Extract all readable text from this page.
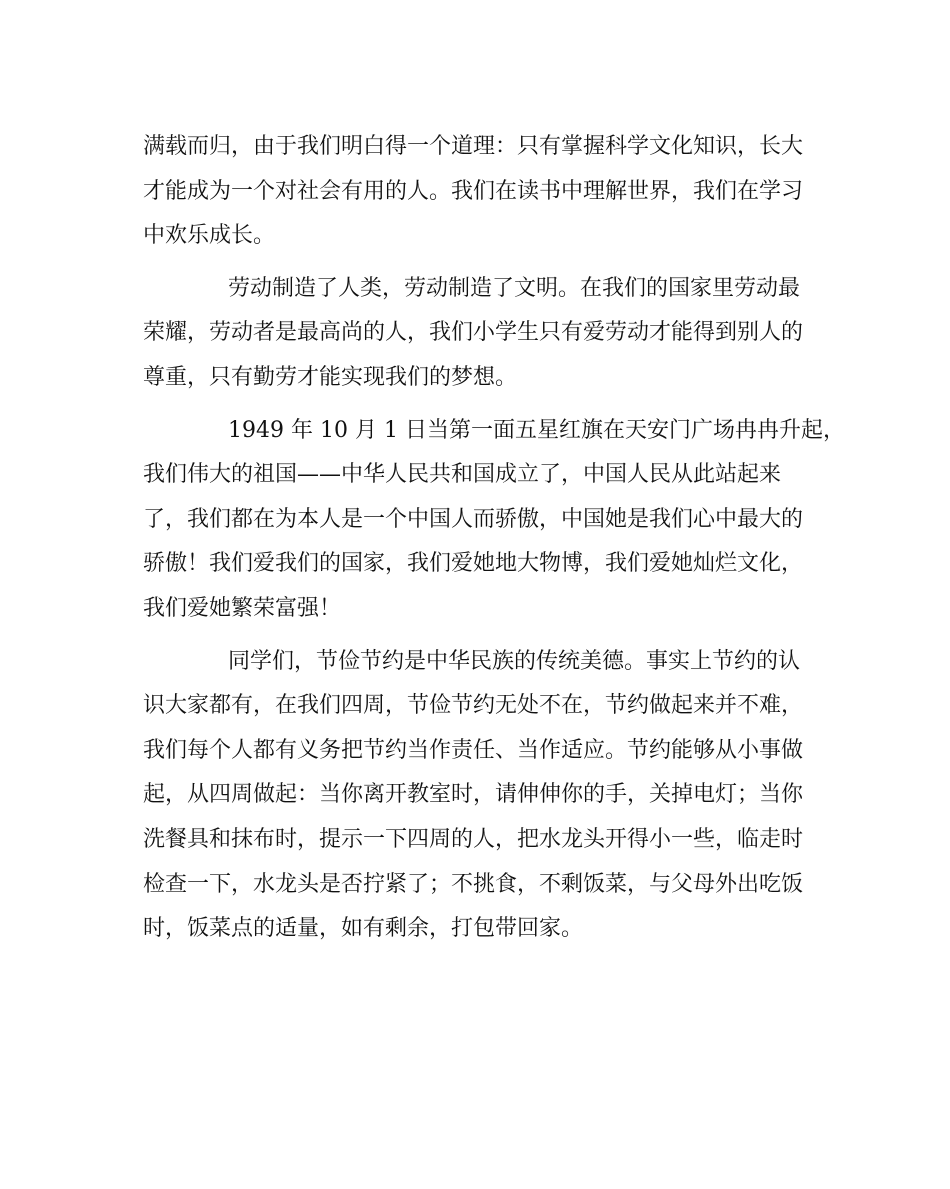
满载而归，由于我们明白得一个道理：只有掌握科学文化知识，长大
才能成为一个对社会有用的人。我们在读书中理解世界，我们在学习
中欢乐成长。
劳动制造了人类，劳动制造了文明。在我们的国家里劳动最
荣耀，劳动者是最高尚的人，我们小学生只有爱劳动才能得到别人的
尊重，只有勤劳才能实现我们的梦想。
1949 年 10 月 1 日当第一面五星红旗在天安门广场冉冉升起，
我们伟大的祖国——中华人民共和国成立了，中国人民从此站起来
了，我们都在为本人是一个中国人而骄傲，中国她是我们心中最大的
骄傲！我们爱我们的国家，我们爱她地大物博，我们爱她灿烂文化，
我们爱她繁荣富强！
同学们，节俭节约是中华民族的传统美德。事实上节约的认
识大家都有，在我们四周，节俭节约无处不在，节约做起来并不难，
我们每个人都有义务把节约当作责任、当作适应。节约能够从小事做
起，从四周做起：当你离开教室时，请伸伸你的手，关掉电灯；当你
洗餐具和抹布时，提示一下四周的人，把水龙头开得小一些，临走时
检查一下，水龙头是否拧紧了；不挑食，不剩饭菜，与父母外出吃饭
时，饭菜点的适量，如有剩余，打包带回家。
